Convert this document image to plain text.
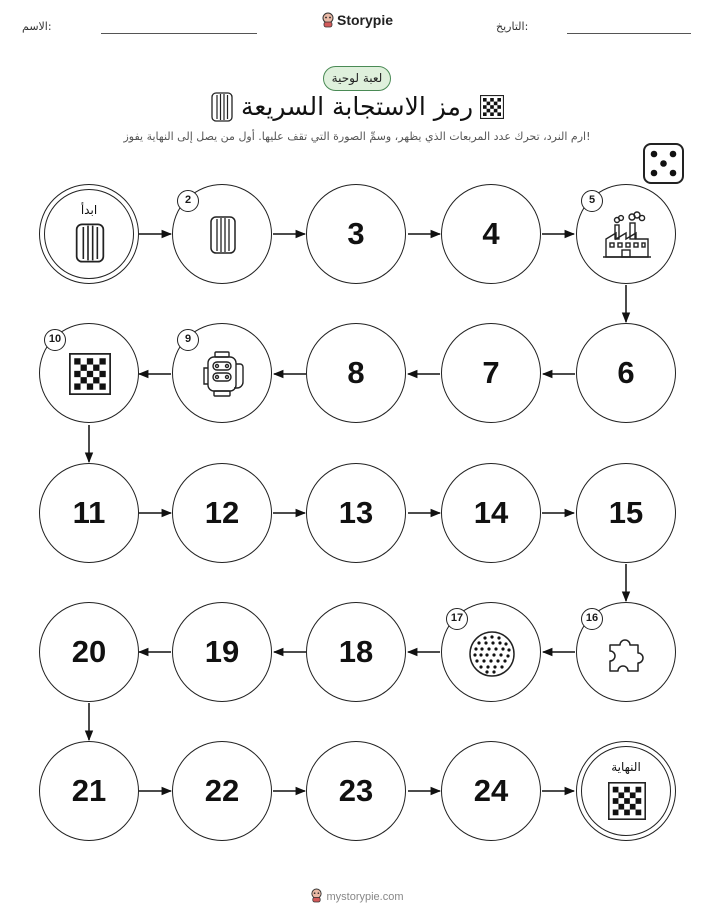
الاسم:	التاريخ:
Storypie
لعبة لوحية
رمز الاستجابة السريعة
ارم النرد، تحرك عدد المربعات الذي يظهر، وسمِّ الصورة التي تقف عليها. أول من يصل إلى النهاية يفوز!
ابدأ
2
3	4
5
6
7
8
9
10
11	12	13	14	15
16
17
18
19
20
21	22	23	24
النهاية
mystorypie.com
